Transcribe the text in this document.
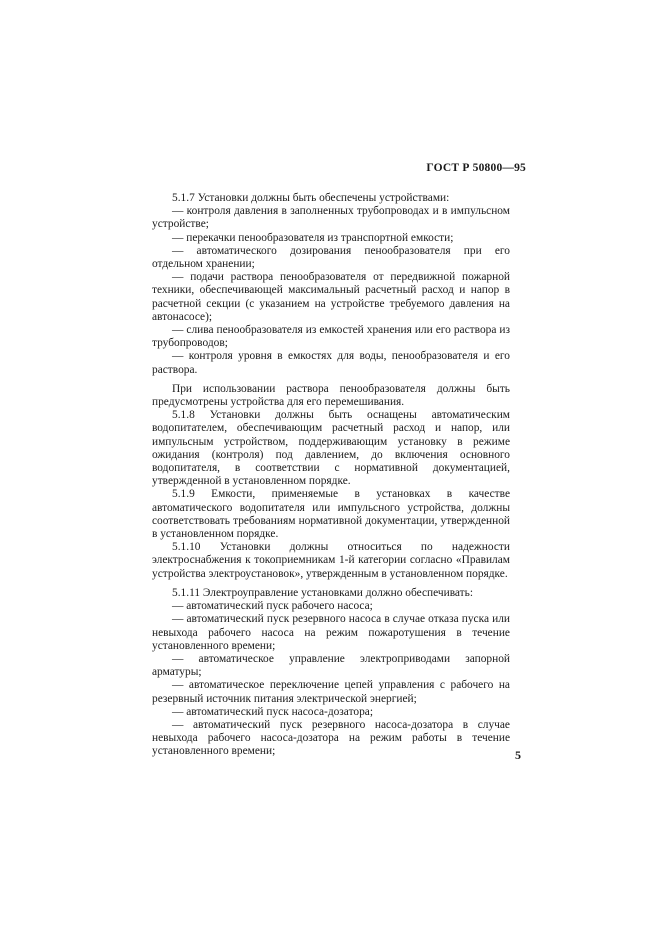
ГОСТ Р 50800—95

5.1.7 Установки должны быть обеспечены устройствами:

— контроля давления в заполненных трубопроводах и в импульсном устройстве;

— перекачки пенообразователя из транспортной емкости;

— автоматического дозирования пенообразователя при его отдельном хранении;

— подачи раствора пенообразователя от передвижной пожарной техники, обеспечивающей максимальный расчетный расход и напор в расчетной секции (с указанием на устройстве требуемого давления на автонасосе);

— слива пенообразователя из емкостей хранения или его раствора из трубопроводов;

— контроля уровня в емкостях для воды, пенообразователя и его раствора.

При использовании раствора пенообразователя должны быть предусмотрены устройства для его перемешивания.

5.1.8 Установки должны быть оснащены автоматическим водопитателем, обеспечивающим расчетный расход и напор, или импульсным устройством, поддерживающим установку в режиме ожидания (контроля) под давлением, до включения основного водопитателя, в соответствии с нормативной документацией, утвержденной в установленном порядке.

5.1.9 Емкости, применяемые в установках в качестве автоматического водопитателя или импульсного устройства, должны соответствовать требованиям нормативной документации, утвержденной в установленном порядке.

5.1.10 Установки должны относиться по надежности электроснабжения к токоприемникам 1-й категории согласно «Правилам устройства электроустановок», утвержденным в установленном порядке.

5.1.11 Электроуправление установками должно обеспечивать:

— автоматический пуск рабочего насоса;

— автоматический пуск резервного насоса в случае отказа пуска или невыхода рабочего насоса на режим пожаротушения в течение установленного времени;

— автоматическое управление электроприводами запорной арматуры;

— автоматическое переключение цепей управления с рабочего на резервный источник питания электрической энергией;

— автоматический пуск насоса-дозатора;

— автоматический пуск резервного насоса-дозатора в случае невыхода рабочего насоса-дозатора на режим работы в течение установленного времени;	5
